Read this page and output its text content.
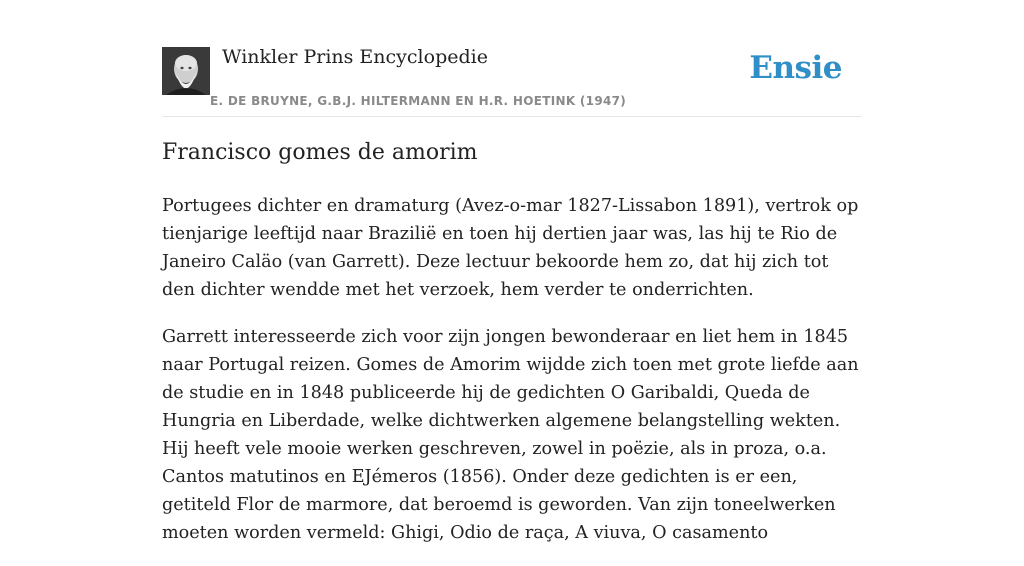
Winkler Prins Encyclopedie
E. DE BRUYNE, G.B.J. HILTERMANN EN H.R. HOETINK (1947)
Ensie
Francisco gomes de amorim

Portugees dichter en dramaturg (Avez-o-mar 1827-Lissabon 1891), vertrok op tienjarige leeftijd naar Brazilië en toen hij dertien jaar was, las hij te Rio de Janeiro Caläo (van Garrett). Deze lectuur bekoorde hem zo, dat hij zich tot den dichter wendde met het verzoek, hem verder te onderrichten.

Garrett interesseerde zich voor zijn jongen bewonderaar en liet hem in 1845 naar Portugal reizen. Gomes de Amorim wijdde zich toen met grote liefde aan de studie en in 1848 publiceerde hij de gedichten O Garibaldi, Queda de Hungria en Liberdade, welke dichtwerken algemene belangstelling wekten. Hij heeft vele mooie werken geschreven, zowel in poëzie, als in proza, o.a. Cantos matutinos en EJémeros (1856). Onder deze gedichten is er een, getiteld Flor de marmore, dat beroemd is geworden. Van zijn toneelwerken moeten worden vermeld: Ghigi, Odio de raça, A viuva, O casamento
